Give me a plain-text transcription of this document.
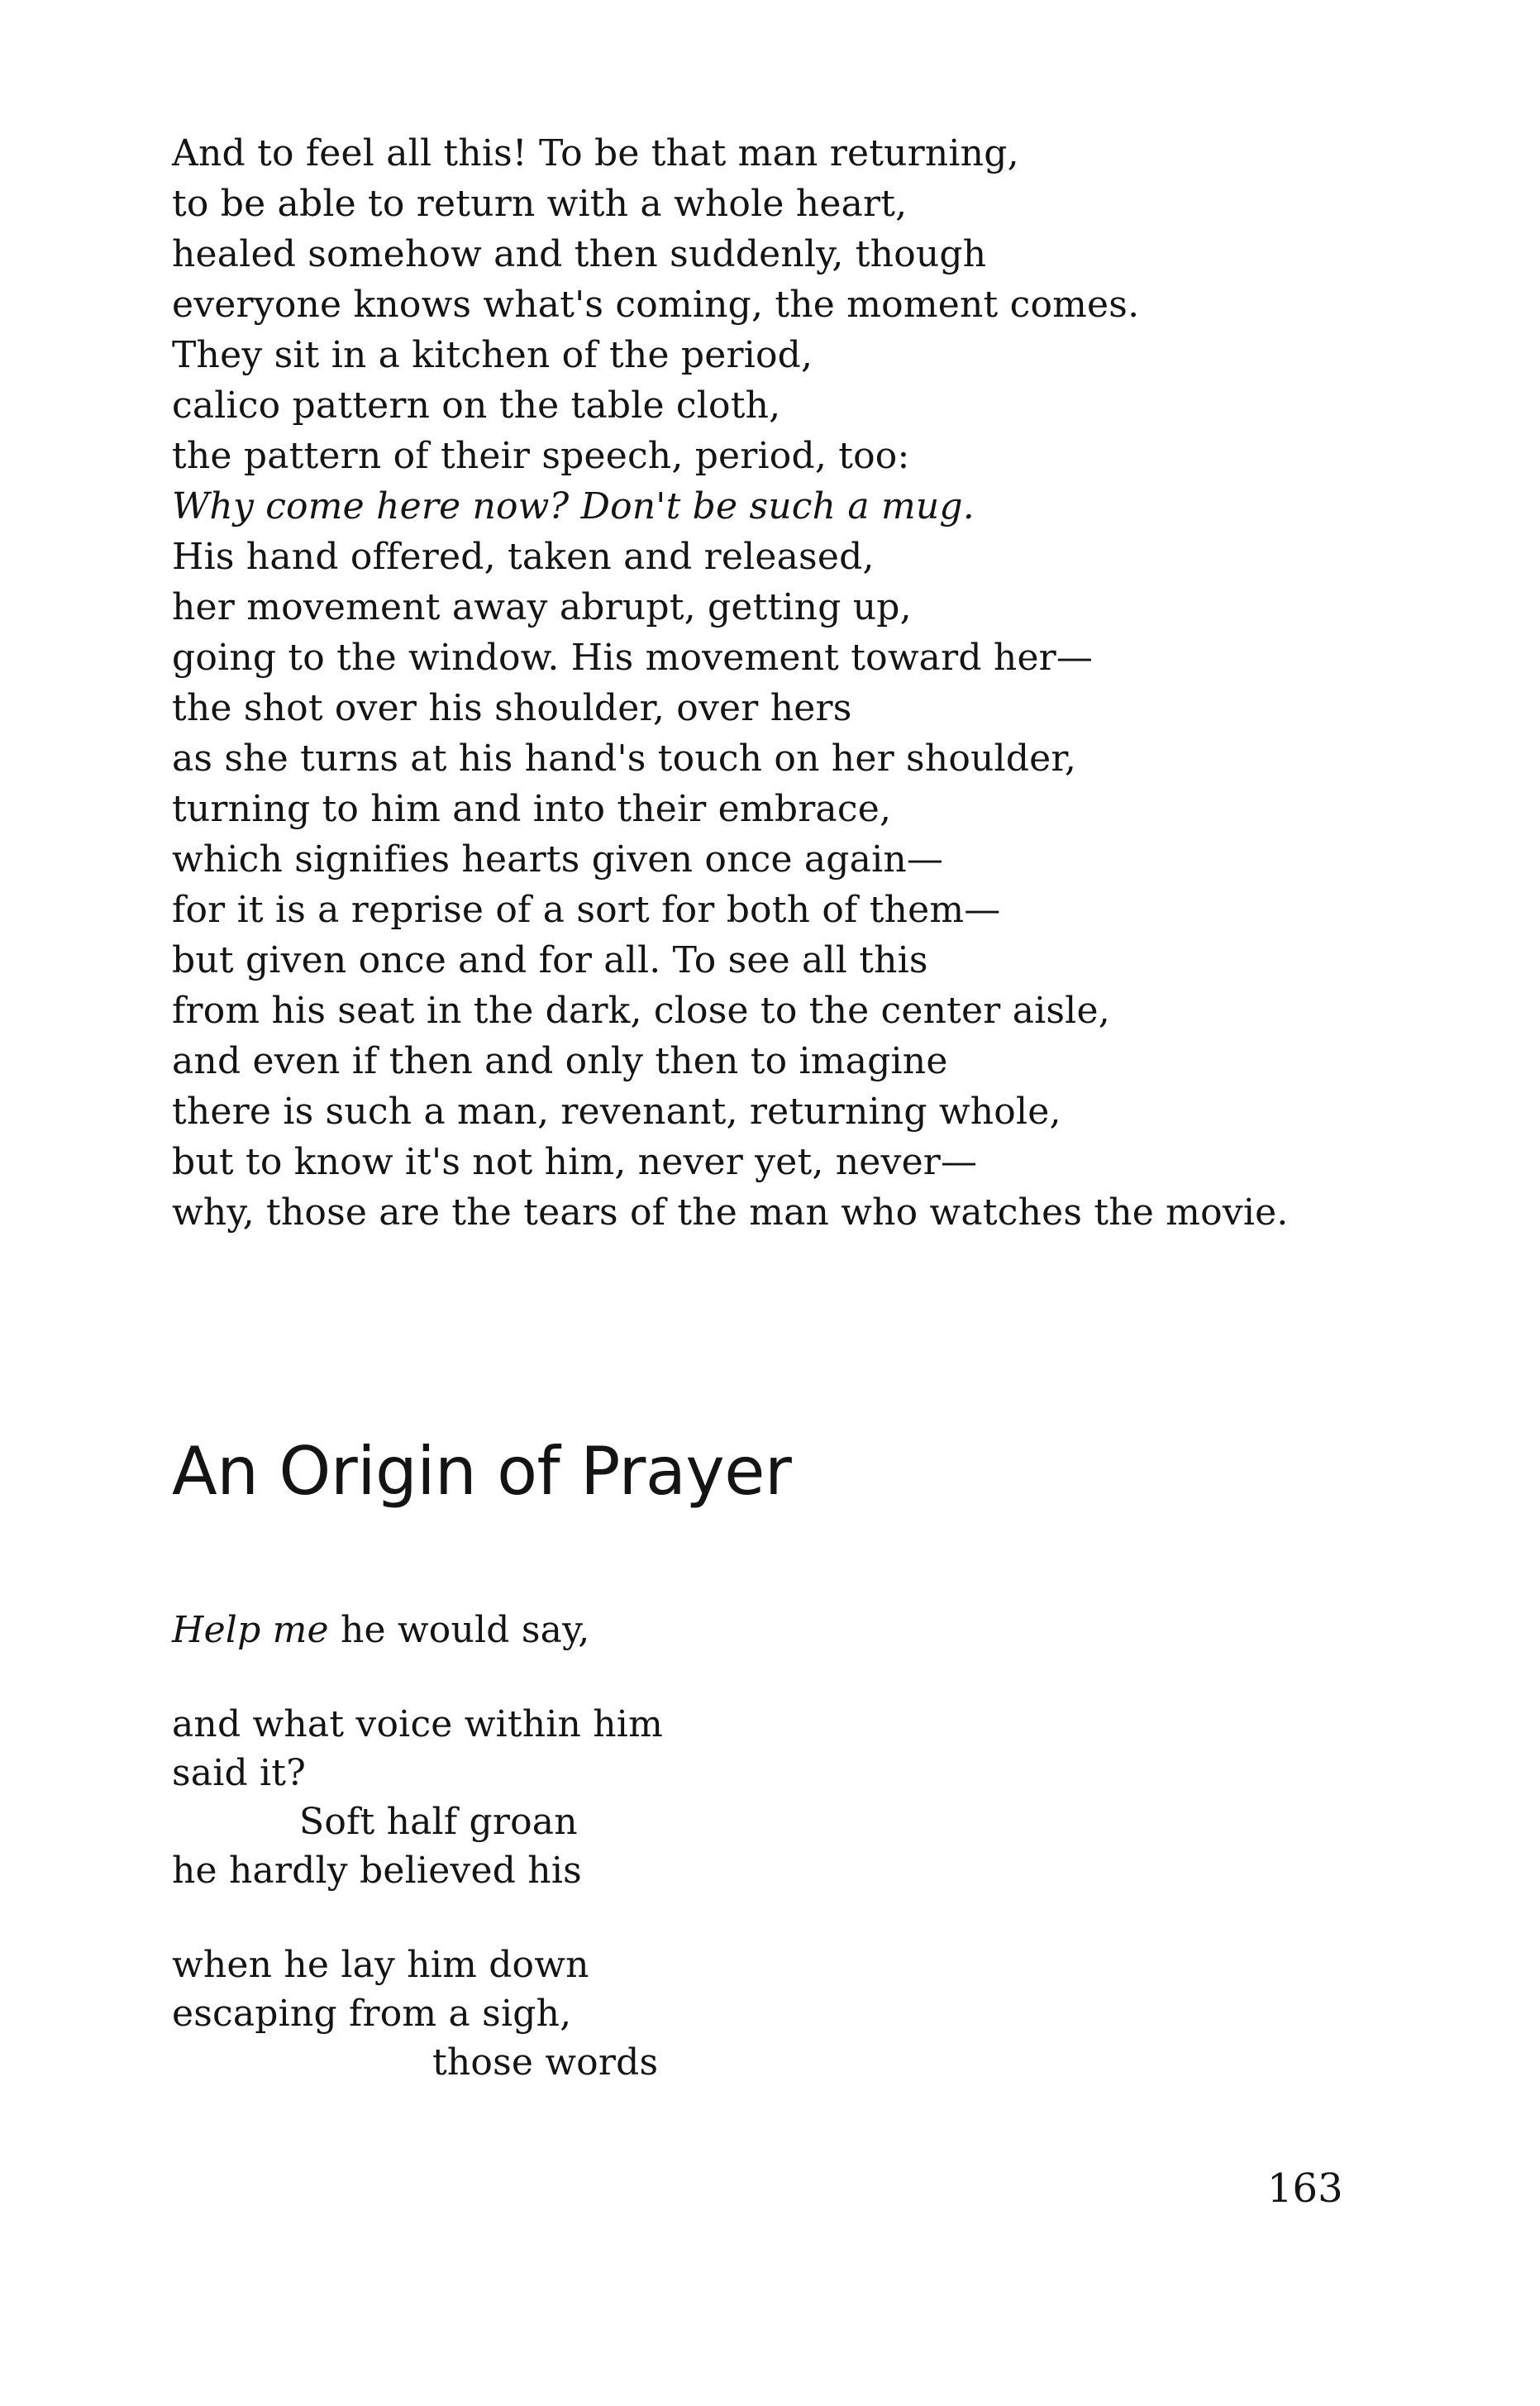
And to feel all this! To be that man returning,
to be able to return with a whole heart,
healed somehow and then suddenly, though
everyone knows what's coming, the moment comes.
They sit in a kitchen of the period,
calico pattern on the table cloth,
the pattern of their speech, period, too:
Why come here now? Don't be such a mug.
His hand offered, taken and released,
her movement away abrupt, getting up,
going to the window. His movement toward her—
the shot over his shoulder, over hers
as she turns at his hand's touch on her shoulder,
turning to him and into their embrace,
which signifies hearts given once again—
for it is a reprise of a sort for both of them—
but given once and for all. To see all this
from his seat in the dark, close to the center aisle,
and even if then and only then to imagine
there is such a man, revenant, returning whole,
but to know it's not him, never yet, never—
why, those are the tears of the man who watches the movie.
An Origin of Prayer
Help me he would say,
and what voice within him
said it?
Soft half groan
he hardly believed his
when he lay him down
escaping from a sigh,
those words
163
